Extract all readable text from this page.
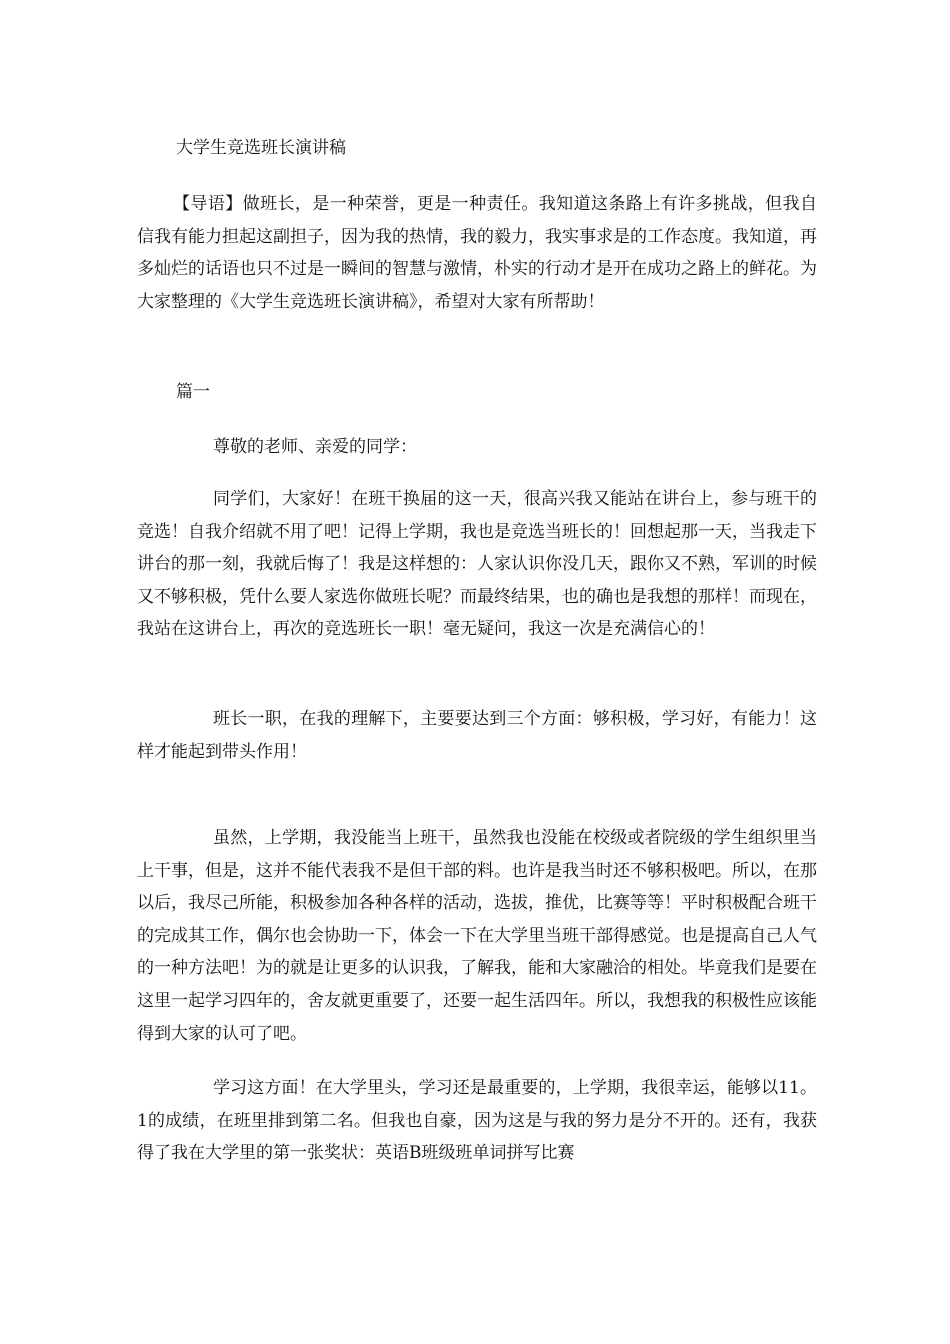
大学生竞选班长演讲稿

【导语】做班长，是一种荣誉，更是一种责任。我知道这条路上有许多挑战，但我自信我有能力担起这副担子，因为我的热情，我的毅力，我实事求是的工作态度。我知道，再多灿烂的话语也只不过是一瞬间的智慧与激情，朴实的行动才是开在成功之路上的鲜花。为大家整理的《大学生竞选班长演讲稿》，希望对大家有所帮助！

篇一
尊敬的老师、亲爱的同学：

同学们，大家好！在班干换届的这一天，很高兴我又能站在讲台上，参与班干的竞选！自我介绍就不用了吧！记得上学期，我也是竞选当班长的！回想起那一天，当我走下讲台的那一刻，我就后悔了！我是这样想的：人家认识你没几天，跟你又不熟，军训的时候又不够积极，凭什么要人家选你做班长呢？而最终结果，也的确也是我想的那样！而现在，我站在这讲台上，再次的竞选班长一职！毫无疑问，我这一次是充满信心的！

班长一职，在我的理解下，主要要达到三个方面：够积极，学习好，有能力！这样才能起到带头作用！

虽然，上学期，我没能当上班干，虽然我也没能在校级或者院级的学生组织里当上干事，但是，这并不能代表我不是但干部的料。也许是我当时还不够积极吧。所以，在那以后，我尽己所能，积极参加各种各样的活动，选拔，推优，比赛等等！平时积极配合班干的完成其工作，偶尔也会协助一下，体会一下在大学里当班干部得感觉。也是提高自己人气的一种方法吧！为的就是让更多的认识我，了解我，能和大家融洽的相处。毕竟我们是要在这里一起学习四年的，舍友就更重要了，还要一起生活四年。所以，我想我的积极性应该能得到大家的认可了吧。

学习这方面！在大学里头，学习还是最重要的，上学期，我很幸运，能够以11。1的成绩，在班里排到第二名。但我也自豪，因为这是与我的努力是分不开的。还有，我获得了我在大学里的第一张奖状：英语B班级班单词拼写比赛
